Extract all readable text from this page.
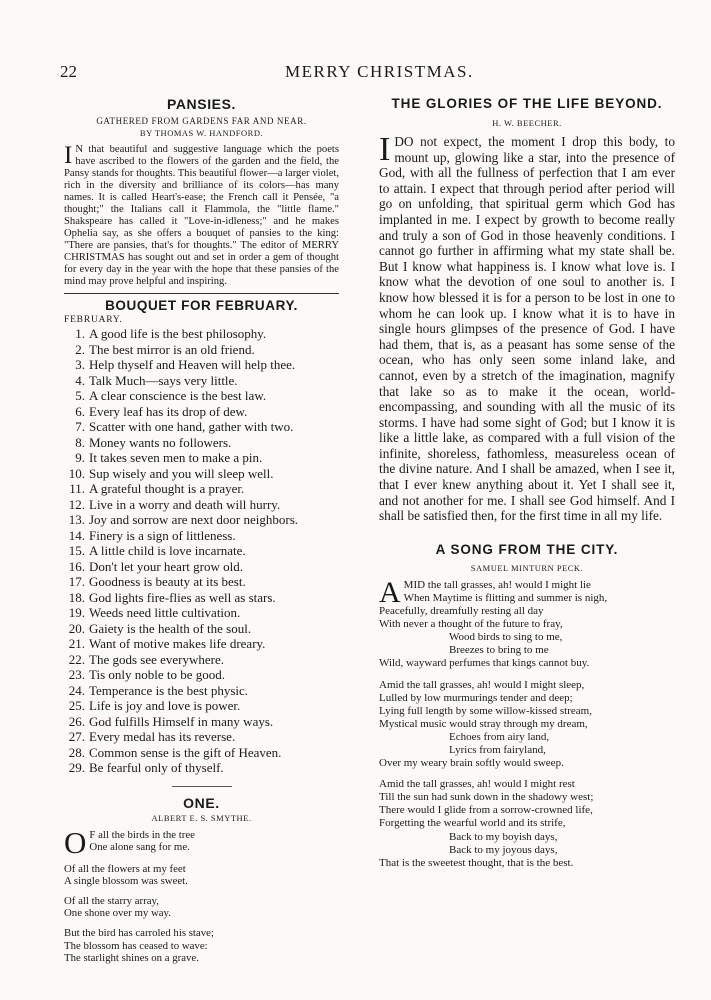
22	MERRY CHRISTMAS.
PANSIES.
GATHERED FROM GARDENS FAR AND NEAR.
BY THOMAS W. HANDFORD.

I N that beautiful and suggestive language which the poets have ascribed to the flowers of the garden and the field, the Pansy stands for thoughts. This beautiful flower—a larger violet, rich in the diversity and brilliance of its colors—has many names. It is called Heart's-ease; the French call it Pensée, "a thought;" the Italians call it Flammola, the "little flame." Shakspeare has called it "Love-in-idleness;" and he makes Ophelia say, as she offers a bouquet of pansies to the king: "There are pansies, that's for thoughts." The editor of MERRY CHRISTMAS has sought out and set in order a gem of thought for every day in the year with the hope that these pansies of the mind may prove helpful and inspiring.

BOUQUET FOR FEBRUARY.
FEBRUARY.
1. A good life is the best philosophy.
2. The best mirror is an old friend.
3. Help thyself and Heaven will help thee.
4. Talk Much—says very little.
5. A clear conscience is the best law.
6. Every leaf has its drop of dew.
7. Scatter with one hand, gather with two.
8. Money wants no followers.
9. It takes seven men to make a pin.
10. Sup wisely and you will sleep well.
11. A grateful thought is a prayer.
12. Live in a worry and death will hurry.
13. Joy and sorrow are next door neighbors.
14. Finery is a sign of littleness.
15. A little child is love incarnate.
16. Don't let your heart grow old.
17. Goodness is beauty at its best.
18. God lights fire-flies as well as stars.
19. Weeds need little cultivation.
20. Gaiety is the health of the soul.
21. Want of motive makes life dreary.
22. The gods see everywhere.
23. Tis only noble to be good.
24. Temperance is the best physic.
25. Life is joy and love is power.
26. God fulfills Himself in many ways.
27. Every medal has its reverse.
28. Common sense is the gift of Heaven.
29. Be fearful only of thyself.
ONE.
ALBERT E. S. SMYTHE.
O F all the birds in the tree
One alone sang for me.
Of all the flowers at my feet
A single blossom was sweet.
Of all the starry array,
One shone over my way.
But the bird has carroled his stave;
The blossom has ceased to wave:
The starlight shines on a grave.
THE GLORIES OF THE LIFE BEYOND.
H. W. BEECHER.

IDO not expect, the moment I drop this body, to mount up, glowing like a star, into the presence of God, with all the fullness of perfection that I am ever to attain. I expect that through period after period will go on unfolding, that spiritual germ which God has implanted in me. I expect by growth to become really and truly a son of God in those heavenly conditions. I cannot go further in affirming what my state shall be. But I know what happiness is. I know what love is. I know what the devotion of one soul to another is. I know how blessed it is for a person to be lost in one to whom he can look up. I know what it is to have in single hours glimpses of the presence of God. I have had them, that is, as a peasant has some sense of the ocean, who has only seen some inland lake, and cannot, even by a stretch of the imagination, magnify that lake so as to make it the ocean, world-encompassing, and sounding with all the music of its storms. I have had some sight of God; but I know it is like a little lake, as compared with a full vision of the infinite, shoreless, fathomless, measureless ocean of the divine nature. And I shall be amazed, when I see it, that I ever knew anything about it. Yet I shall see it, and not another for me. I shall see God himself. And I shall be satisfied then, for the first time in all my life.

A SONG FROM THE CITY.
SAMUEL MINTURN PECK.
A MID the tall grasses, ah! would I might lie
When Maytime is flitting and summer is nigh,
Peacefully, dreamfully resting all day
With never a thought of the future to fray,
Wood birds to sing to me,
Breezes to bring to me
Wild, wayward perfumes that kings cannot buy.
Amid the tall grasses, ah! would I might sleep,
Lulled by low murmurings tender and deep;
Lying full length by some willow-kissed stream,
Mystical music would stray through my dream,
Echoes from airy land,
Lyrics from fairyland,
Over my weary brain softly would sweep.
Amid the tall grasses, ah! would I might rest
Till the sun had sunk down in the shadowy west;
There would I glide from a sorrow-crowned life,
Forgetting the wearful world and its strife,
Back to my boyish days,
Back to my joyous days,
That is the sweetest thought, that is the best.
